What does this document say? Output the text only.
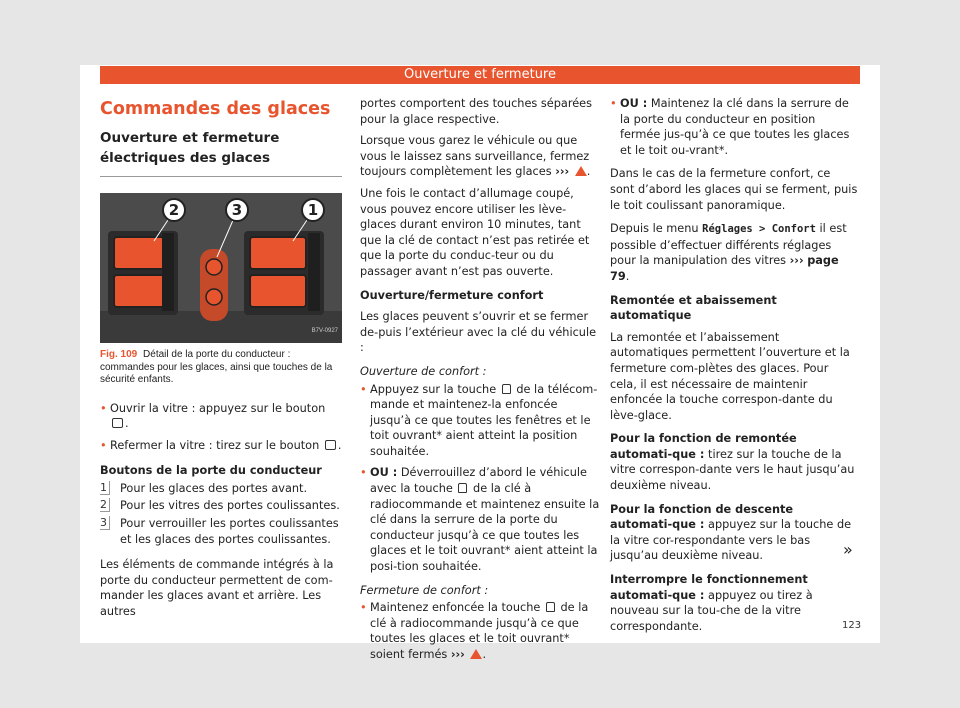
Ouverture et fermeture
Commandes des glaces
Ouverture et fermeture électriques des glaces
2	3	1
B7V-0927
Fig. 109 Détail de la porte du conducteur : commandes pour les glaces, ainsi que touches de la sécurité enfants.
• Ouvrir la vitre : appuyez sur le bouton .
• Refermer la vitre : tirez sur le bouton .

Boutons de la porte du conducteur

1 Pour les glaces des portes avant.
2 Pour les vitres des portes coulissantes.
3 Pour verrouiller les portes coulissantes et les glaces des portes coulissantes.

Les éléments de commande intégrés à la porte du conducteur permettent de com-mander les glaces avant et arrière. Les autres

portes comportent des touches séparées pour la glace respective.

Lorsque vous garez le véhicule ou que vous le laissez sans surveillance, fermez toujours complètement les glaces ››› .

Une fois le contact d’allumage coupé, vous pouvez encore utiliser les lève-glaces durant environ 10 minutes, tant que la clé de contact n’est pas retirée et que la porte du conduc-teur ou du passager avant n’est pas ouverte.

Ouverture/fermeture confort

Les glaces peuvent s’ouvrir et se fermer de-puis l’extérieur avec la clé du véhicule :

Ouverture de confort :

• Appuyez sur la touche de la télécom-mande et maintenez-la enfoncée jusqu’à ce que toutes les fenêtres et le toit ouvrant* aient atteint la position souhaitée.
• OU : Déverrouillez d’abord le véhicule avec la touche de la clé à radiocommande et maintenez ensuite la clé dans la serrure de la porte du conducteur jusqu’à ce que toutes les glaces et le toit ouvrant* aient atteint la posi-tion souhaitée.

Fermeture de confort :

• Maintenez enfoncée la touche de la clé à radiocommande jusqu’à ce que toutes les glaces et le toit ouvrant* soient fermés ››› .
• OU : Maintenez la clé dans la serrure de la porte du conducteur en position fermée jus-qu’à ce que toutes les glaces et le toit ou-vrant*.

Dans le cas de la fermeture confort, ce sont d’abord les glaces qui se ferment, puis le toit coulissant panoramique.

Depuis le menu Réglages > Confort il est possible d’effectuer différents réglages pour la manipulation des vitres ››› page 79.

Remontée et abaissement automatique

La remontée et l’abaissement automatiques permettent l’ouverture et la fermeture com-plètes des glaces. Pour cela, il est nécessaire de maintenir enfoncée la touche correspon-dante du lève-glace.

Pour la fonction de remontée automati-que : tirez sur la touche de la vitre correspon-dante vers le haut jusqu’au deuxième niveau.

Pour la fonction de descente automati-que : appuyez sur la touche de la vitre cor-respondante vers le bas jusqu’au deuxième niveau.

Interrompre le fonctionnement automati-que : appuyez ou tirez à nouveau sur la tou-che de la vitre correspondante.

»
123
